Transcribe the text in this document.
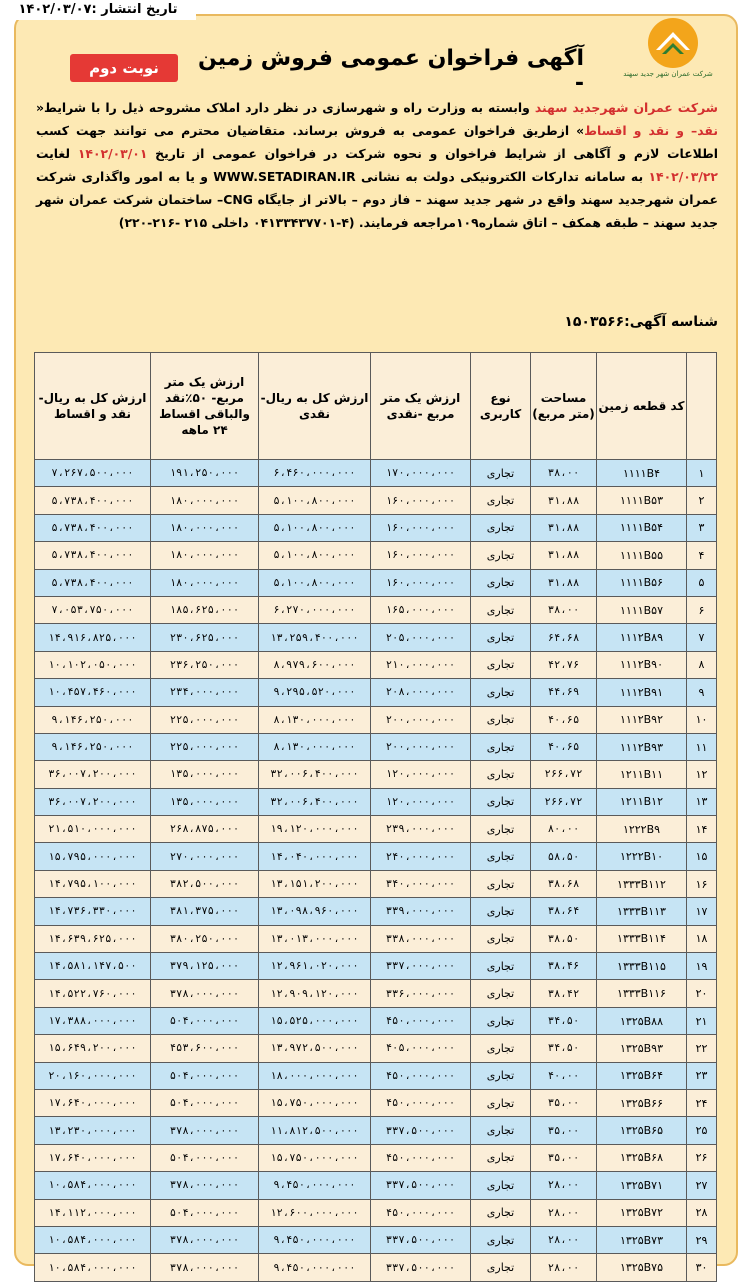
تاریخ انتشار :۱۴۰۲/۰۳/۰۷
شرکت عمران شهر جدید سهند
آگهی فراخوان عمومی فروش زمین -
نوبت دوم
شرکت عمران شهرجدید سهند وابسته به وزارت راه و شهرسازی در نظر دارد املاک مشروحه ذیل را با شرایط« نقد– و نقد و اقساط» ازطریق فراخوان عمومی به فروش برساند. متقاضیان محترم می توانند جهت کسب اطلاعات لازم و آگاهی از شرایط فراخوان و نحوه شرکت در فراخوان عمومی از تاریخ ۱۴۰۲/۰۳/۰۱ لغایت ۱۴۰۲/۰۳/۲۲ به سامانه تدارکات الکترونیکی دولت به نشانی WWW.SETADIRAN.IR و یا به امور واگذاری شرکت عمران شهرجدید سهند واقع در شهر جدید سهند – فاز دوم – بالاتر از جایگاه CNG– ساختمان شرکت عمران شهر جدید سهند – طبقه همکف – اتاق شماره۱۰۹مراجعه فرمایند. (۴-۰۴۱۳۳۴۳۷۷۰۱ داخلی ۲۱۵ -۲۱۶-۲۲۰)
شناسه آگهی:۱۵۰۳۵۶۶
	کد قطعه زمین	مساحت (متر مربع)	نوع کاربری	ارزش یک متر مربع -نقدی	ارزش کل به ریال-نقدی	ارزش یک متر مربع- ۵۰٪نقد والباقی اقساط ۲۴ ماهه	ارزش کل به ریال-نقد و اقساط
۱	۱۱۱۱B۴	۳۸،۰۰	تجاری	۱۷۰،۰۰۰،۰۰۰	۶،۴۶۰،۰۰۰،۰۰۰	۱۹۱،۲۵۰،۰۰۰	۷،۲۶۷،۵۰۰،۰۰۰
۲	۱۱۱۱B۵۳	۳۱،۸۸	تجاری	۱۶۰،۰۰۰،۰۰۰	۵،۱۰۰،۸۰۰،۰۰۰	۱۸۰،۰۰۰،۰۰۰	۵،۷۳۸،۴۰۰،۰۰۰
۳	۱۱۱۱B۵۴	۳۱،۸۸	تجاری	۱۶۰،۰۰۰،۰۰۰	۵،۱۰۰،۸۰۰،۰۰۰	۱۸۰،۰۰۰،۰۰۰	۵،۷۳۸،۴۰۰،۰۰۰
۴	۱۱۱۱B۵۵	۳۱،۸۸	تجاری	۱۶۰،۰۰۰،۰۰۰	۵،۱۰۰،۸۰۰،۰۰۰	۱۸۰،۰۰۰،۰۰۰	۵،۷۳۸،۴۰۰،۰۰۰
۵	۱۱۱۱B۵۶	۳۱،۸۸	تجاری	۱۶۰،۰۰۰،۰۰۰	۵،۱۰۰،۸۰۰،۰۰۰	۱۸۰،۰۰۰،۰۰۰	۵،۷۳۸،۴۰۰،۰۰۰
۶	۱۱۱۱B۵۷	۳۸،۰۰	تجاری	۱۶۵،۰۰۰،۰۰۰	۶،۲۷۰،۰۰۰،۰۰۰	۱۸۵،۶۲۵،۰۰۰	۷،۰۵۳،۷۵۰،۰۰۰
۷	۱۱۱۲B۸۹	۶۴،۶۸	تجاری	۲۰۵،۰۰۰،۰۰۰	۱۳،۲۵۹،۴۰۰،۰۰۰	۲۳۰،۶۲۵،۰۰۰	۱۴،۹۱۶،۸۲۵،۰۰۰
۸	۱۱۱۲B۹۰	۴۲،۷۶	تجاری	۲۱۰،۰۰۰،۰۰۰	۸،۹۷۹،۶۰۰،۰۰۰	۲۳۶،۲۵۰،۰۰۰	۱۰،۱۰۲،۰۵۰،۰۰۰
۹	۱۱۱۲B۹۱	۴۴،۶۹	تجاری	۲۰۸،۰۰۰،۰۰۰	۹،۲۹۵،۵۲۰،۰۰۰	۲۳۴،۰۰۰،۰۰۰	۱۰،۴۵۷،۴۶۰،۰۰۰
۱۰	۱۱۱۲B۹۲	۴۰،۶۵	تجاری	۲۰۰،۰۰۰،۰۰۰	۸،۱۳۰،۰۰۰،۰۰۰	۲۲۵،۰۰۰،۰۰۰	۹،۱۴۶،۲۵۰،۰۰۰
۱۱	۱۱۱۲B۹۳	۴۰،۶۵	تجاری	۲۰۰،۰۰۰،۰۰۰	۸،۱۳۰،۰۰۰،۰۰۰	۲۲۵،۰۰۰،۰۰۰	۹،۱۴۶،۲۵۰،۰۰۰
۱۲	۱۲۱۱B۱۱	۲۶۶،۷۲	تجاری	۱۲۰،۰۰۰،۰۰۰	۳۲،۰۰۶،۴۰۰،۰۰۰	۱۳۵،۰۰۰،۰۰۰	۳۶،۰۰۷،۲۰۰،۰۰۰
۱۳	۱۲۱۱B۱۲	۲۶۶،۷۲	تجاری	۱۲۰،۰۰۰،۰۰۰	۳۲،۰۰۶،۴۰۰،۰۰۰	۱۳۵،۰۰۰،۰۰۰	۳۶،۰۰۷،۲۰۰،۰۰۰
۱۴	۱۲۲۲B۹	۸۰،۰۰	تجاری	۲۳۹،۰۰۰،۰۰۰	۱۹،۱۲۰،۰۰۰،۰۰۰	۲۶۸،۸۷۵،۰۰۰	۲۱،۵۱۰،۰۰۰،۰۰۰
۱۵	۱۲۲۲B۱۰	۵۸،۵۰	تجاری	۲۴۰،۰۰۰،۰۰۰	۱۴،۰۴۰،۰۰۰،۰۰۰	۲۷۰،۰۰۰،۰۰۰	۱۵،۷۹۵،۰۰۰،۰۰۰
۱۶	۱۳۳۳B۱۱۲	۳۸،۶۸	تجاری	۳۴۰،۰۰۰،۰۰۰	۱۳،۱۵۱،۲۰۰،۰۰۰	۳۸۲،۵۰۰،۰۰۰	۱۴،۷۹۵،۱۰۰،۰۰۰
۱۷	۱۳۳۳B۱۱۳	۳۸،۶۴	تجاری	۳۳۹،۰۰۰،۰۰۰	۱۳،۰۹۸،۹۶۰،۰۰۰	۳۸۱،۳۷۵،۰۰۰	۱۴،۷۳۶،۳۳۰،۰۰۰
۱۸	۱۳۳۳B۱۱۴	۳۸،۵۰	تجاری	۳۳۸،۰۰۰،۰۰۰	۱۳،۰۱۳،۰۰۰،۰۰۰	۳۸۰،۲۵۰،۰۰۰	۱۴،۶۳۹،۶۲۵،۰۰۰
۱۹	۱۳۳۳B۱۱۵	۳۸،۴۶	تجاری	۳۳۷،۰۰۰،۰۰۰	۱۲،۹۶۱،۰۲۰،۰۰۰	۳۷۹،۱۲۵،۰۰۰	۱۴،۵۸۱،۱۴۷،۵۰۰
۲۰	۱۳۳۳B۱۱۶	۳۸،۴۲	تجاری	۳۳۶،۰۰۰،۰۰۰	۱۲،۹۰۹،۱۲۰،۰۰۰	۳۷۸،۰۰۰،۰۰۰	۱۴،۵۲۲،۷۶۰،۰۰۰
۲۱	۱۳۲۵B۸۸	۳۴،۵۰	تجاری	۴۵۰،۰۰۰،۰۰۰	۱۵،۵۲۵،۰۰۰،۰۰۰	۵۰۴،۰۰۰،۰۰۰	۱۷،۳۸۸،۰۰۰،۰۰۰
۲۲	۱۳۲۵B۹۳	۳۴،۵۰	تجاری	۴۰۵،۰۰۰،۰۰۰	۱۳،۹۷۲،۵۰۰،۰۰۰	۴۵۳،۶۰۰،۰۰۰	۱۵،۶۴۹،۲۰۰،۰۰۰
۲۳	۱۳۲۵B۶۴	۴۰،۰۰	تجاری	۴۵۰،۰۰۰،۰۰۰	۱۸،۰۰۰،۰۰۰،۰۰۰	۵۰۴،۰۰۰،۰۰۰	۲۰،۱۶۰،۰۰۰،۰۰۰
۲۴	۱۳۲۵B۶۶	۳۵،۰۰	تجاری	۴۵۰،۰۰۰،۰۰۰	۱۵،۷۵۰،۰۰۰،۰۰۰	۵۰۴،۰۰۰،۰۰۰	۱۷،۶۴۰،۰۰۰،۰۰۰
۲۵	۱۳۲۵B۶۵	۳۵،۰۰	تجاری	۳۳۷،۵۰۰،۰۰۰	۱۱،۸۱۲،۵۰۰،۰۰۰	۳۷۸،۰۰۰،۰۰۰	۱۳،۲۳۰،۰۰۰،۰۰۰
۲۶	۱۳۲۵B۶۸	۳۵،۰۰	تجاری	۴۵۰،۰۰۰،۰۰۰	۱۵،۷۵۰،۰۰۰،۰۰۰	۵۰۴،۰۰۰،۰۰۰	۱۷،۶۴۰،۰۰۰،۰۰۰
۲۷	۱۳۲۵B۷۱	۲۸،۰۰	تجاری	۳۳۷،۵۰۰،۰۰۰	۹،۴۵۰،۰۰۰،۰۰۰	۳۷۸،۰۰۰،۰۰۰	۱۰،۵۸۴،۰۰۰،۰۰۰
۲۸	۱۳۲۵B۷۲	۲۸،۰۰	تجاری	۴۵۰،۰۰۰،۰۰۰	۱۲،۶۰۰،۰۰۰،۰۰۰	۵۰۴،۰۰۰،۰۰۰	۱۴،۱۱۲،۰۰۰،۰۰۰
۲۹	۱۳۲۵B۷۳	۲۸،۰۰	تجاری	۳۳۷،۵۰۰،۰۰۰	۹،۴۵۰،۰۰۰،۰۰۰	۳۷۸،۰۰۰،۰۰۰	۱۰،۵۸۴،۰۰۰،۰۰۰
۳۰	۱۳۲۵B۷۵	۲۸،۰۰	تجاری	۳۳۷،۵۰۰،۰۰۰	۹،۴۵۰،۰۰۰،۰۰۰	۳۷۸،۰۰۰،۰۰۰	۱۰،۵۸۴،۰۰۰،۰۰۰
